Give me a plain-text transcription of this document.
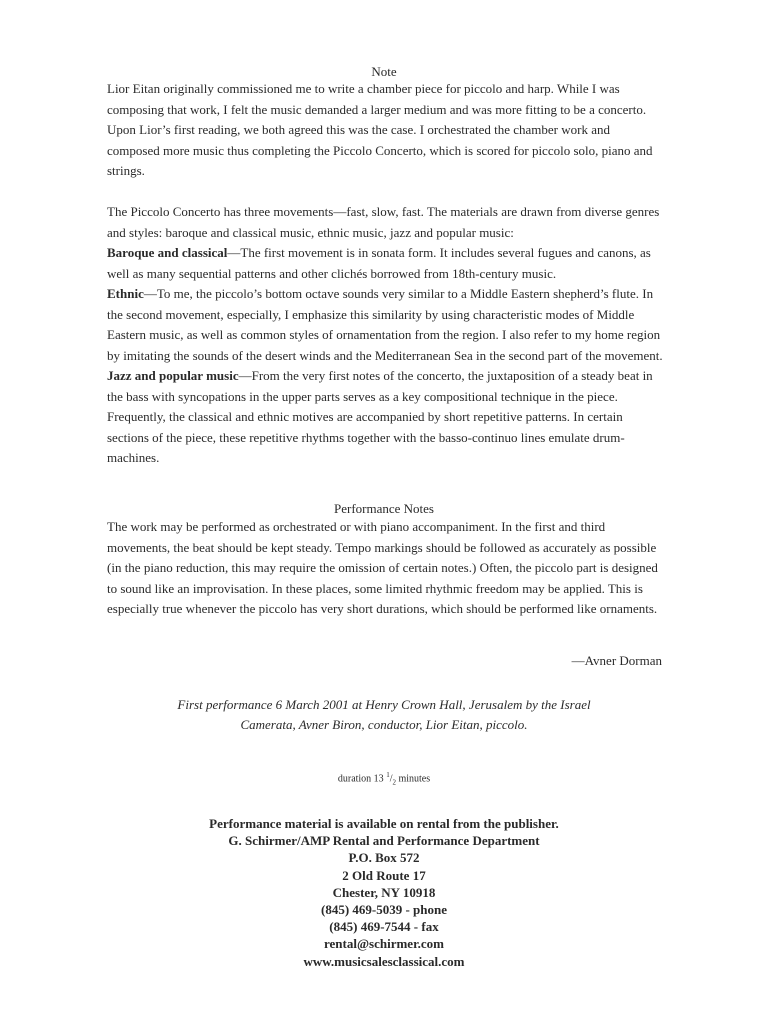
Note

Lior Eitan originally commissioned me to write a chamber piece for piccolo and harp. While I was composing that work, I felt the music demanded a larger medium and was more fitting to be a concerto. Upon Lior’s first reading, we both agreed this was the case. I orchestrated the chamber work and composed more music thus completing the Piccolo Concerto, which is scored for piccolo solo, piano and strings.

The Piccolo Concerto has three movements—fast, slow, fast. The materials are drawn from diverse genres and styles: baroque and classical music, ethnic music, jazz and popular music:
Baroque and classical—The first movement is in sonata form. It includes several fugues and canons, as well as many sequential patterns and other clichés borrowed from 18th-century music.
Ethnic—To me, the piccolo’s bottom octave sounds very similar to a Middle Eastern shepherd’s flute. In the second movement, especially, I emphasize this similarity by using characteristic modes of Middle Eastern music, as well as common styles of ornamentation from the region. I also refer to my home region by imitating the sounds of the desert winds and the Mediterranean Sea in the second part of the movement.
Jazz and popular music—From the very first notes of the concerto, the juxtaposition of a steady beat in the bass with syncopations in the upper parts serves as a key compositional technique in the piece. Frequently, the classical and ethnic motives are accompanied by short repetitive patterns. In certain sections of the piece, these repetitive rhythms together with the basso-continuo lines emulate drum-machines.

Performance Notes
The work may be performed as orchestrated or with piano accompaniment. In the first and third movements, the beat should be kept steady. Tempo markings should be followed as accurately as possible (in the piano reduction, this may require the omission of certain notes.) Often, the piccolo part is designed to sound like an improvisation. In these places, some limited rhythmic freedom may be applied. This is especially true whenever the piccolo has very short durations, which should be performed like ornaments.
—Avner Dorman
First performance 6 March 2001 at Henry Crown Hall, Jerusalem by the Israel
Camerata, Avner Biron, conductor, Lior Eitan, piccolo.
duration 13 $^1/_2$ minutes
Performance material is available on rental from the publisher.
G. Schirmer/AMP Rental and Performance Department
P.O. Box 572
2 Old Route 17
Chester, NY 10918
(845) 469-5039 - phone
(845) 469-7544 - fax
rental@schirmer.com
www.musicsalesclassical.com
